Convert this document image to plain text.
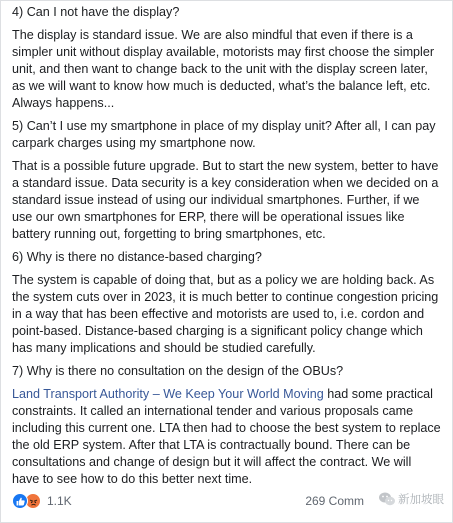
4) Can I not have the display?

The display is standard issue. We are also mindful that even if there is a simpler unit without display available, motorists may first choose the simpler unit, and then want to change back to the unit with the display screen later, as we will want to know how much is deducted, what’s the balance left, etc. Always happens...

5) Can’t I use my smartphone in place of my display unit? After all, I can pay carpark charges using my smartphone now.

That is a possible future upgrade. But to start the new system, better to have a standard issue. Data security is a key consideration when we decided on a standard issue instead of using our individual smartphones. Further, if we use our own smartphones for ERP, there will be operational issues like battery running out, forgetting to bring smartphones, etc.

6) Why is there no distance-based charging?

The system is capable of doing that, but as a policy we are holding back. As the system cuts over in 2023, it is much better to continue congestion pricing in a way that has been effective and motorists are used to, i.e. cordon and point-based. Distance-based charging is a significant policy change which has many implications and should be studied carefully.

7) Why is there no consultation on the design of the OBUs?

Land Transport Authority – We Keep Your World Moving had some practical constraints. It called an international tender and various proposals came including this current one. LTA then had to choose the best system to replace the old ERP system. After that LTA is contractually bound. There can be consultations and change of design but it will affect the contract. We will have to see how to do this better next time.

1.1K	269 Comm	新加坡眼
